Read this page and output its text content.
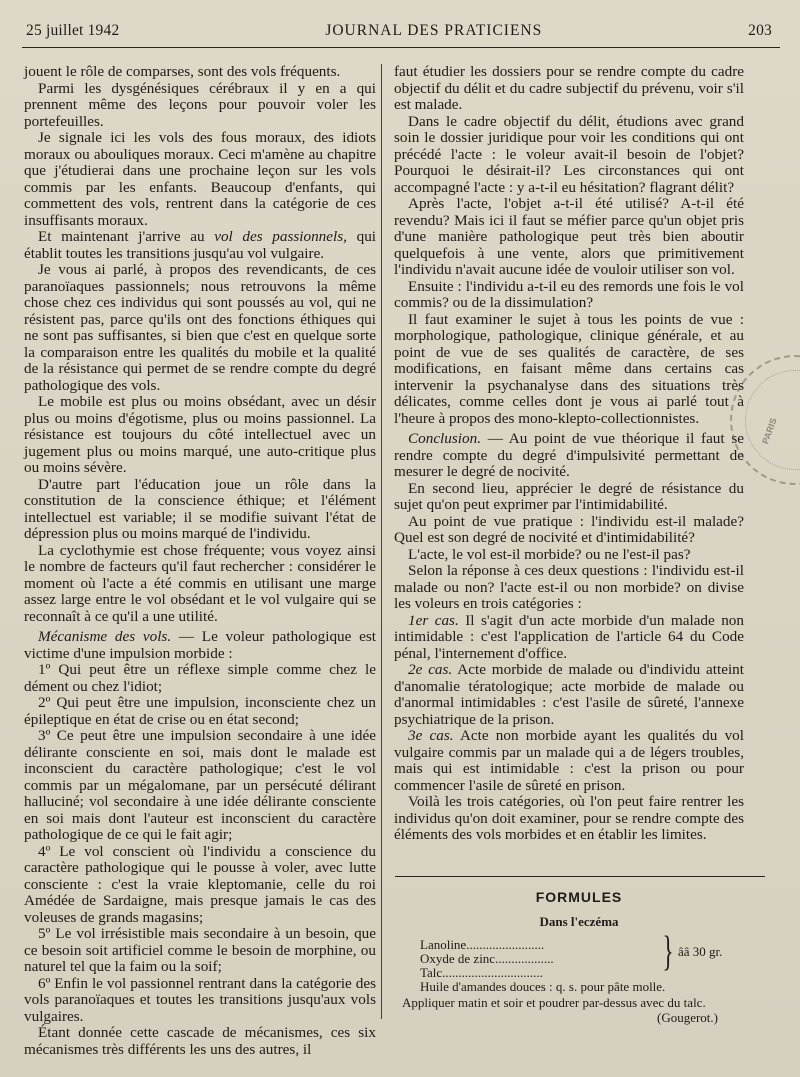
25 juillet 1942	JOURNAL DES PRATICIENS	203

jouent le rôle de comparses, sont des vols fréquents.

Parmi les dysgénésiques cérébraux il y en a qui prennent même des leçons pour pouvoir voler les portefeuilles.

Je signale ici les vols des fous moraux, des idiots moraux ou abouliques moraux. Ceci m'amène au chapitre que j'étudierai dans une prochaine leçon sur les vols commis par les enfants. Beaucoup d'enfants, qui commettent des vols, rentrent dans la catégorie de ces insuffisants moraux.

Et maintenant j'arrive au vol des passionnels, qui établit toutes les transitions jusqu'au vol vulgaire.

Je vous ai parlé, à propos des revendicants, de ces paranoïaques passionnels; nous retrouvons la même chose chez ces individus qui sont poussés au vol, qui ne résistent pas, parce qu'ils ont des fonctions éthiques qui ne sont pas suffisantes, si bien que c'est en quelque sorte la comparaison entre les qualités du mobile et la qualité de la résistance qui permet de se rendre compte du degré pathologique des vols.

Le mobile est plus ou moins obsédant, avec un désir plus ou moins d'égotisme, plus ou moins passionnel. La résistance est toujours du côté intellectuel avec un jugement plus ou moins marqué, une auto-critique plus ou moins sévère.

D'autre part l'éducation joue un rôle dans la constitution de la conscience éthique; et l'élément intellectuel est variable; il se modifie suivant l'état de dépression plus ou moins marqué de l'individu.

La cyclothymie est chose fréquente; vous voyez ainsi le nombre de facteurs qu'il faut rechercher : considérer le moment où l'acte a été commis en utilisant une marge assez large entre le vol obsédant et le vol vulgaire qui se reconnaît à ce qu'il a une utilité.

Mécanisme des vols. — Le voleur pathologique est victime d'une impulsion morbide :

1º Qui peut être un réflexe simple comme chez le dément ou chez l'idiot;

2º Qui peut être une impulsion, inconsciente chez un épileptique en état de crise ou en état second;

3º Ce peut être une impulsion secondaire à une idée délirante consciente en soi, mais dont le malade est inconscient du caractère pathologique; c'est le vol commis par un mégalomane, par un persécuté délirant halluciné; vol secondaire à une idée délirante consciente en soi mais dont l'auteur est inconscient du caractère pathologique de ce qui le fait agir;

4º Le vol conscient où l'individu a conscience du caractère pathologique qui le pousse à voler, avec lutte consciente : c'est la vraie kleptomanie, celle du roi Amédée de Sardaigne, mais presque jamais le cas des voleuses de grands magasins;

5º Le vol irrésistible mais secondaire à un besoin, que ce besoin soit artificiel comme le besoin de morphine, ou naturel tel que la faim ou la soif;

6º Enfin le vol passionnel rentrant dans la catégorie des vols paranoïaques et toutes les transitions jusqu'aux vols vulgaires.

Étant donnée cette cascade de mécanismes, ces six mécanismes très différents les uns des autres, il

faut étudier les dossiers pour se rendre compte du cadre objectif du délit et du cadre subjectif du prévenu, voir s'il est malade.

Dans le cadre objectif du délit, étudions avec grand soin le dossier juridique pour voir les conditions qui ont précédé l'acte : le voleur avait-il besoin de l'objet? Pourquoi le désirait-il? Les circonstances qui ont accompagné l'acte : y a-t-il eu hésitation? flagrant délit?

Après l'acte, l'objet a-t-il été utilisé? A-t-il été revendu? Mais ici il faut se méfier parce qu'un objet pris d'une manière pathologique peut très bien aboutir quelquefois à une vente, alors que primitivement l'individu n'avait aucune idée de vouloir utiliser son vol.

Ensuite : l'individu a-t-il eu des remords une fois le vol commis? ou de la dissimulation?

Il faut examiner le sujet à tous les points de vue : morphologique, pathologique, clinique générale, et au point de vue de ses qualités de caractère, de ses modifications, en faisant même dans certains cas intervenir la psychanalyse dans des situations très délicates, comme celles dont je vous ai parlé tout à l'heure à propos des mono-klepto-collectionnistes.

Conclusion. — Au point de vue théorique il faut se rendre compte du degré d'impulsivité permettant de mesurer le degré de nocivité.

En second lieu, apprécier le degré de résistance du sujet qu'on peut exprimer par l'intimidabilité.

Au point de vue pratique : l'individu est-il malade? Quel est son degré de nocivité et d'intimidabilité?

L'acte, le vol est-il morbide? ou ne l'est-il pas?

Selon la réponse à ces deux questions : l'individu est-il malade ou non? l'acte est-il ou non morbide? on divise les voleurs en trois catégories :

1er cas. Il s'agit d'un acte morbide d'un malade non intimidable : c'est l'application de l'article 64 du Code pénal, l'internement d'office.

2e cas. Acte morbide de malade ou d'individu atteint d'anomalie tératologique; acte morbide de malade ou d'anormal intimidables : c'est l'asile de sûreté, l'annexe psychiatrique de la prison.

3e cas. Acte non morbide ayant les qualités du vol vulgaire commis par un malade qui a de légers troubles, mais qui est intimidable : c'est la prison ou pour commencer l'asile de sûreté en prison.

Voilà les trois catégories, où l'on peut faire rentrer les individus qu'on doit examiner, pour se rendre compte des éléments des vols morbides et en établir les limites.

FORMULES
Dans l'eczéma
Lanoline........................
Oxyde de zinc..................
Talc...............................	} ââ 30 gr.
Huile d'amandes douces : q. s. pour pâte molle.
Appliquer matin et soir et poudrer par-dessus avec du talc.
(Gougerot.)
PARIS
